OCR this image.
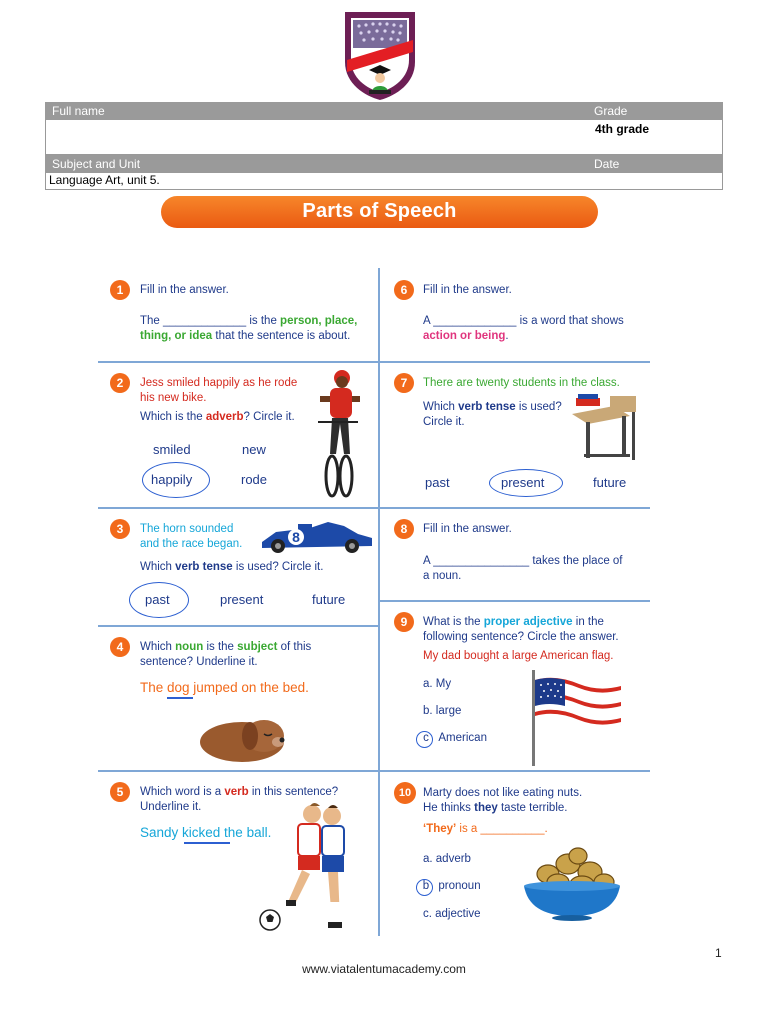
Full name	Grade
4th grade
Subject and Unit	Date
Language Art, unit 5.
Parts of Speech
1	Fill in the answer.
The _____________ is the person, place,
thing, or idea that the sentence is about.
2	Jess smiled happily as he rode
his new bike.
Which is the adverb? Circle it.
smiled	new
happily	rode
3	The horn sounded
and the race began.
Which verb tense is used? Circle it.
past	present	future
8
4	Which noun is the subject of this
sentence? Underline it.
The dog jumped on the bed.
5	Which word is a verb in this sentence?
Underline it.
Sandy kicked the ball.
6	Fill in the answer.
A _____________ is a word that shows
action or being.
7	There are twenty students in the class.
Which verb tense is used?
Circle it.
past	present	future
8	Fill in the answer.
A _______________ takes the place of
a noun.
9	What is the proper adjective in the
following sentence? Circle the answer.
My dad bought a large American flag.
a. My
b. large
c American
10	Marty does not like eating nuts.
He thinks they taste terrible.
‘They’ is a __________.
a. adverb
b pronoun
c. adjective
1
www.viatalentumacademy.com
